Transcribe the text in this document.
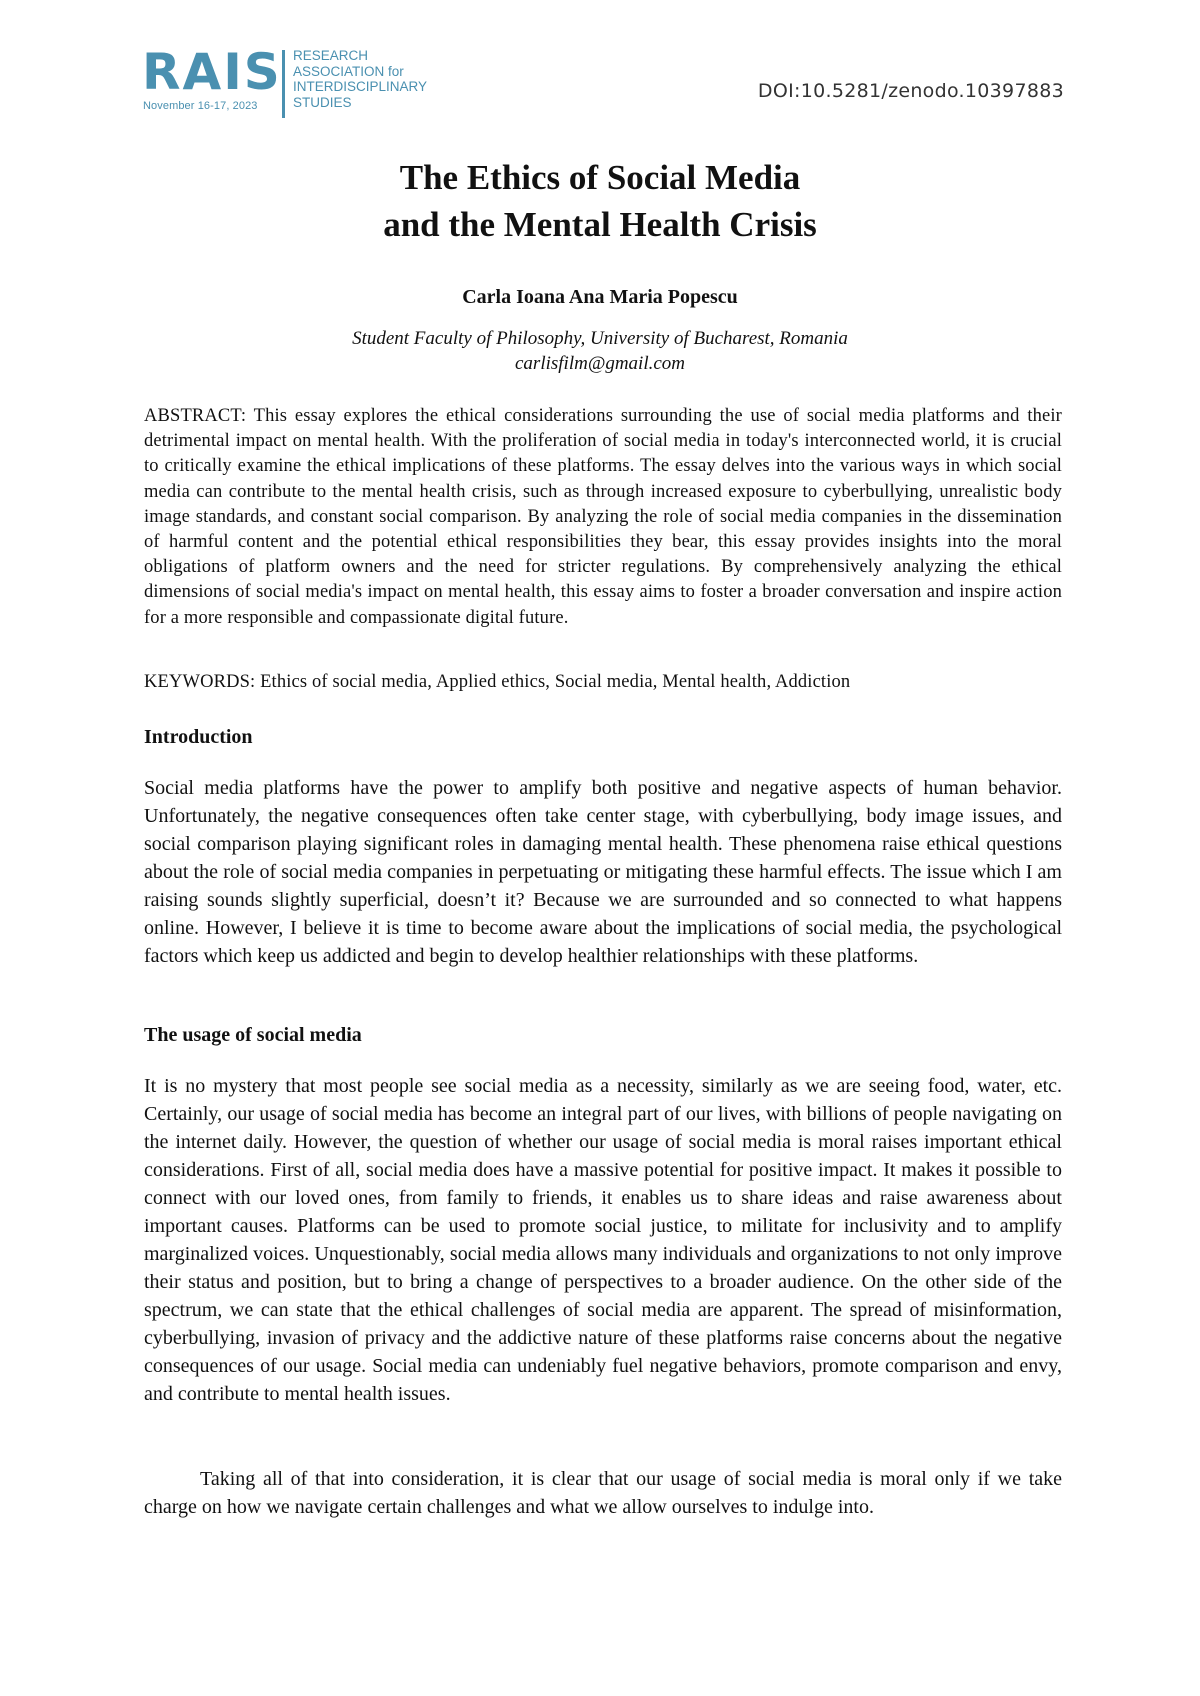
RAIS
November 16-17, 2023
RESEARCH
ASSOCIATION for
INTERDISCIPLINARY
STUDIES	DOI:10.5281/zenodo.10397883
The Ethics of Social Media
and the Mental Health Crisis
Carla Ioana Ana Maria Popescu
Student Faculty of Philosophy, University of Bucharest, Romania
carlisfilm@gmail.com
ABSTRACT: This essay explores the ethical considerations surrounding the use of social media platforms and their detrimental impact on mental health. With the proliferation of social media in today's interconnected world, it is crucial to critically examine the ethical implications of these platforms. The essay delves into the various ways in which social media can contribute to the mental health crisis, such as through increased exposure to cyberbullying, unrealistic body image standards, and constant social comparison. By analyzing the role of social media companies in the dissemination of harmful content and the potential ethical responsibilities they bear, this essay provides insights into the moral obligations of platform owners and the need for stricter regulations. By comprehensively analyzing the ethical dimensions of social media's impact on mental health, this essay aims to foster a broader conversation and inspire action for a more responsible and compassionate digital future.
KEYWORDS: Ethics of social media, Applied ethics, Social media, Mental health, Addiction
Introduction
Social media platforms have the power to amplify both positive and negative aspects of human behavior. Unfortunately, the negative consequences often take center stage, with cyberbullying, body image issues, and social comparison playing significant roles in damaging mental health. These phenomena raise ethical questions about the role of social media companies in perpetuating or mitigating these harmful effects. The issue which I am raising sounds slightly superficial, doesn’t it? Because we are surrounded and so connected to what happens online. However, I believe it is time to become aware about the implications of social media, the psychological factors which keep us addicted and begin to develop healthier relationships with these platforms.
The usage of social media
It is no mystery that most people see social media as a necessity, similarly as we are seeing food, water, etc. Certainly, our usage of social media has become an integral part of our lives, with billions of people navigating on the internet daily. However, the question of whether our usage of social media is moral raises important ethical considerations. First of all, social media does have a massive potential for positive impact. It makes it possible to connect with our loved ones, from family to friends, it enables us to share ideas and raise awareness about important causes. Platforms can be used to promote social justice, to militate for inclusivity and to amplify marginalized voices. Unquestionably, social media allows many individuals and organizations to not only improve their status and position, but to bring a change of perspectives to a broader audience. On the other side of the spectrum, we can state that the ethical challenges of social media are apparent. The spread of misinformation, cyberbullying, invasion of privacy and the addictive nature of these platforms raise concerns about the negative consequences of our usage. Social media can undeniably fuel negative behaviors, promote comparison and envy, and contribute to mental health issues.
Taking all of that into consideration, it is clear that our usage of social media is moral only if we take charge on how we navigate certain challenges and what we allow ourselves to indulge into.
